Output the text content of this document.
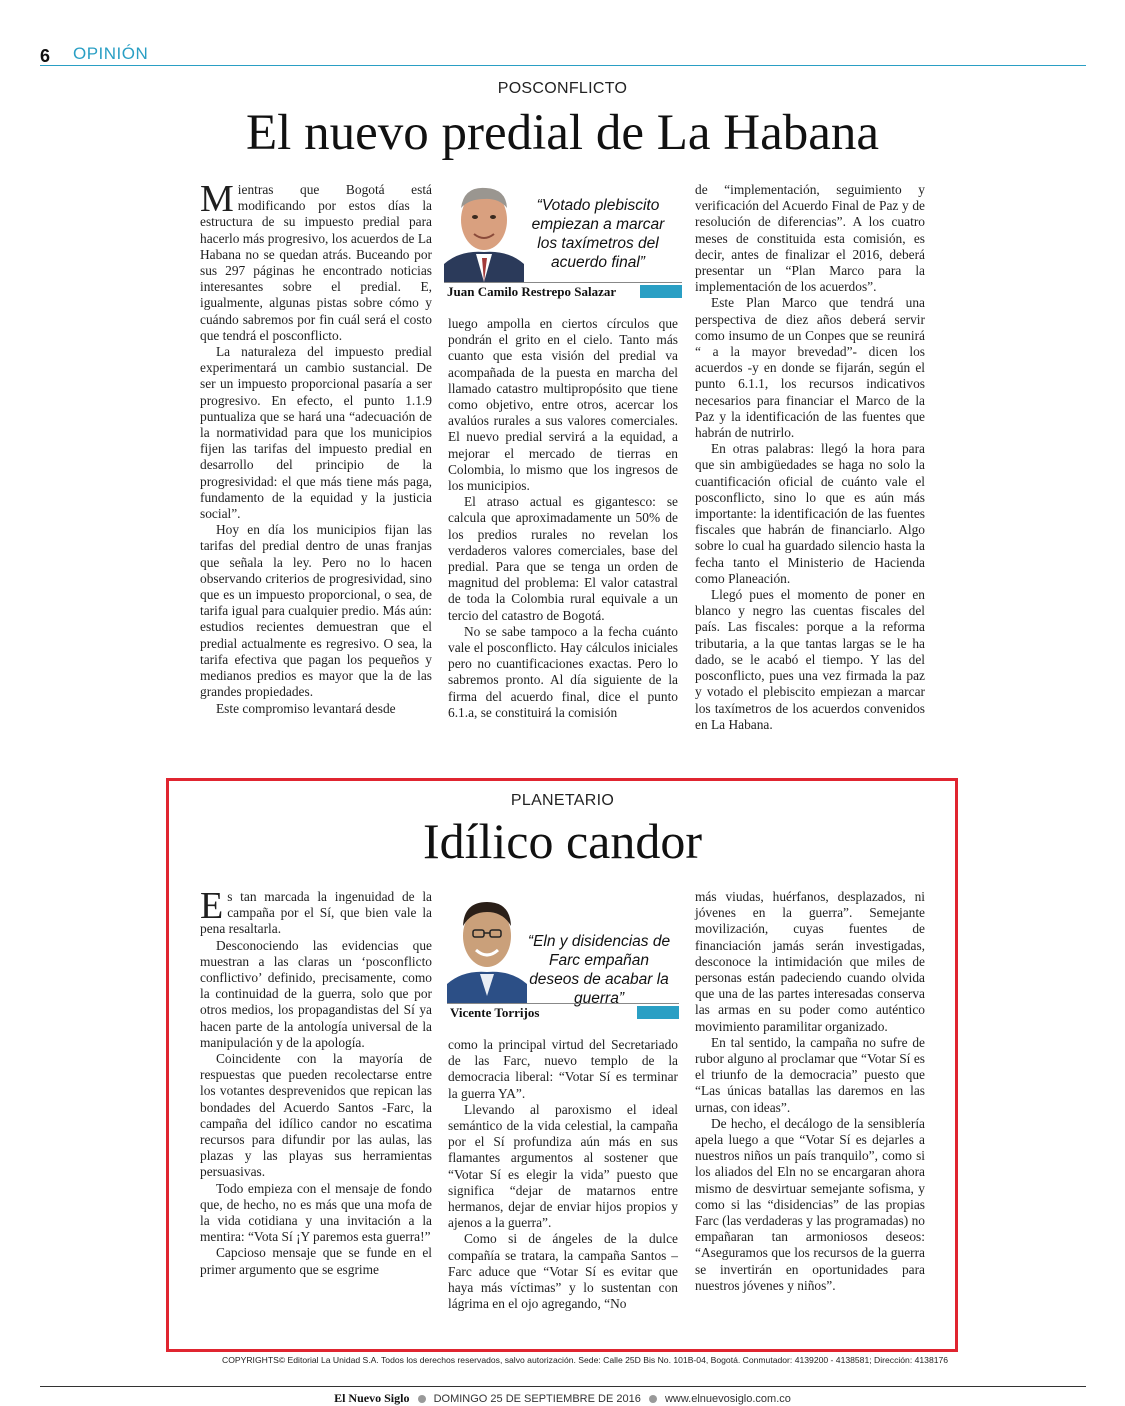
6 OPINIÓN
POSCONFLICTO
El nuevo predial de La Habana

Mientras que Bogotá está modificando por estos días la estructura de su impuesto predial para hacerlo más progresivo, los acuerdos de La Habana no se quedan atrás. Buceando por sus 297 páginas he encontrado noticias interesantes sobre el predial. E, igualmente, algunas pistas sobre cómo y cuándo sabremos por fin cuál será el costo que tendrá el posconflicto.

La naturaleza del impuesto predial experimentará un cambio sustancial. De ser un impuesto proporcional pasaría a ser progresivo. En efecto, el punto 1.1.9 puntualiza que se hará una “adecuación de la normatividad para que los municipios fijen las tarifas del impuesto predial en desarrollo del principio de la progresividad: el que más tiene más paga, fundamento de la equidad y la justicia social”.

Hoy en día los municipios fijan las tarifas del predial dentro de unas franjas que señala la ley. Pero no lo hacen observando criterios de progresividad, sino que es un impuesto proporcional, o sea, de tarifa igual para cualquier predio. Más aún: estudios recientes demuestran que el predial actualmente es regresivo. O sea, la tarifa efectiva que pagan los pequeños y medianos predios es mayor que la de las grandes propiedades.

Este compromiso levantará desde

“Votado plebiscito empiezan a marcar los taxímetros del acuerdo final”
Juan Camilo Restrepo Salazar

luego ampolla en ciertos círculos que pondrán el grito en el cielo. Tanto más cuanto que esta visión del predial va acompañada de la puesta en marcha del llamado catastro multipropósito que tiene como objetivo, entre otros, acercar los avalúos rurales a sus valores comerciales. El nuevo predial servirá a la equidad, a mejorar el mercado de tierras en Colombia, lo mismo que los ingresos de los municipios.

El atraso actual es gigantesco: se calcula que aproximadamente un 50% de los predios rurales no revelan los verdaderos valores comerciales, base del predial. Para que se tenga un orden de magnitud del problema: El valor catastral de toda la Colombia rural equivale a un tercio del catastro de Bogotá.

No se sabe tampoco a la fecha cuánto vale el posconflicto. Hay cálculos iniciales pero no cuantificaciones exactas. Pero lo sabremos pronto. Al día siguiente de la firma del acuerdo final, dice el punto 6.1.a, se constituirá la comisión

de “implementación, seguimiento y verificación del Acuerdo Final de Paz y de resolución de diferencias”. A los cuatro meses de constituida esta comisión, es decir, antes de finalizar el 2016, deberá presentar un “Plan Marco para la implementación de los acuerdos”.

Este Plan Marco que tendrá una perspectiva de diez años deberá servir como insumo de un Conpes que se reunirá “ a la mayor brevedad”- dicen los acuerdos -y en donde se fijarán, según el punto 6.1.1, los recursos indicativos necesarios para financiar el Marco de la Paz y la identificación de las fuentes que habrán de nutrirlo.

En otras palabras: llegó la hora para que sin ambigüedades se haga no solo la cuantificación oficial de cuánto vale el posconflicto, sino lo que es aún más importante: la identificación de las fuentes fiscales que habrán de financiarlo. Algo sobre lo cual ha guardado silencio hasta la fecha tanto el Ministerio de Hacienda como Planeación.

Llegó pues el momento de poner en blanco y negro las cuentas fiscales del país. Las fiscales: porque a la reforma tributaria, a la que tantas largas se le ha dado, se le acabó el tiempo. Y las del posconflicto, pues una vez firmada la paz y votado el plebiscito empiezan a marcar los taxímetros de los acuerdos convenidos en La Habana.

PLANETARIO
Idílico candor

Es tan marcada la ingenuidad de la campaña por el Sí, que bien vale la pena resaltarla.

Desconociendo las evidencias que muestran a las claras un ‘posconflicto conflictivo’ definido, precisamente, como la continuidad de la guerra, solo que por otros medios, los propagandistas del Sí ya hacen parte de la antología universal de la manipulación y de la apología.

Coincidente con la mayoría de respuestas que pueden recolectarse entre los votantes desprevenidos que repican las bondades del Acuerdo Santos -Farc, la campaña del idílico candor no escatima recursos para difundir por las aulas, las plazas y las playas sus herramientas persuasivas.

Todo empieza con el mensaje de fondo que, de hecho, no es más que una mofa de la vida cotidiana y una invitación a la mentira: “Vota Sí ¡Y paremos esta guerra!”

Capcioso mensaje que se funde en el primer argumento que se esgrime

“Eln y disidencias de Farc empañan deseos de acabar la guerra”
Vicente Torrijos

como la principal virtud del Secretariado de las Farc, nuevo templo de la democracia liberal: “Votar Sí es terminar la guerra YA”.

Llevando al paroxismo el ideal semántico de la vida celestial, la campaña por el Sí profundiza aún más en sus flamantes argumentos al sostener que “Votar Sí es elegir la vida” puesto que significa “dejar de matarnos entre hermanos, dejar de enviar hijos propios y ajenos a la guerra”.

Como si de ángeles de la dulce compañía se tratara, la campaña Santos – Farc aduce que “Votar Sí es evitar que haya más víctimas” y lo sustentan con lágrima en el ojo agregando, “No

más viudas, huérfanos, desplazados, ni jóvenes en la guerra”. Semejante movilización, cuyas fuentes de financiación jamás serán investigadas, desconoce la intimidación que miles de personas están padeciendo cuando olvida que una de las partes interesadas conserva las armas en su poder como auténtico movimiento paramilitar organizado.

En tal sentido, la campaña no sufre de rubor alguno al proclamar que “Votar Sí es el triunfo de la democracia” puesto que “Las únicas batallas las daremos en las urnas, con ideas”.

De hecho, el decálogo de la sensiblería apela luego a que “Votar Sí es dejarles a nuestros niños un país tranquilo”, como si los aliados del Eln no se encargaran ahora mismo de desvirtuar semejante sofisma, y como si las “disidencias” de las propias Farc (las verdaderas y las programadas) no empañaran tan armoniosos deseos: “Aseguramos que los recursos de la guerra se invertirán en oportunidades para nuestros jóvenes y niños”.

COPYRIGHTS© Editorial La Unidad S.A. Todos los derechos reservados, salvo autorización. Sede: Calle 25D Bis No. 101B-04, Bogotá. Conmutador: 4139200 - 4138581; Dirección: 4138176
El Nuevo Siglo DOMINGO 25 DE SEPTIEMBRE DE 2016 www.elnuevosiglo.com.co
